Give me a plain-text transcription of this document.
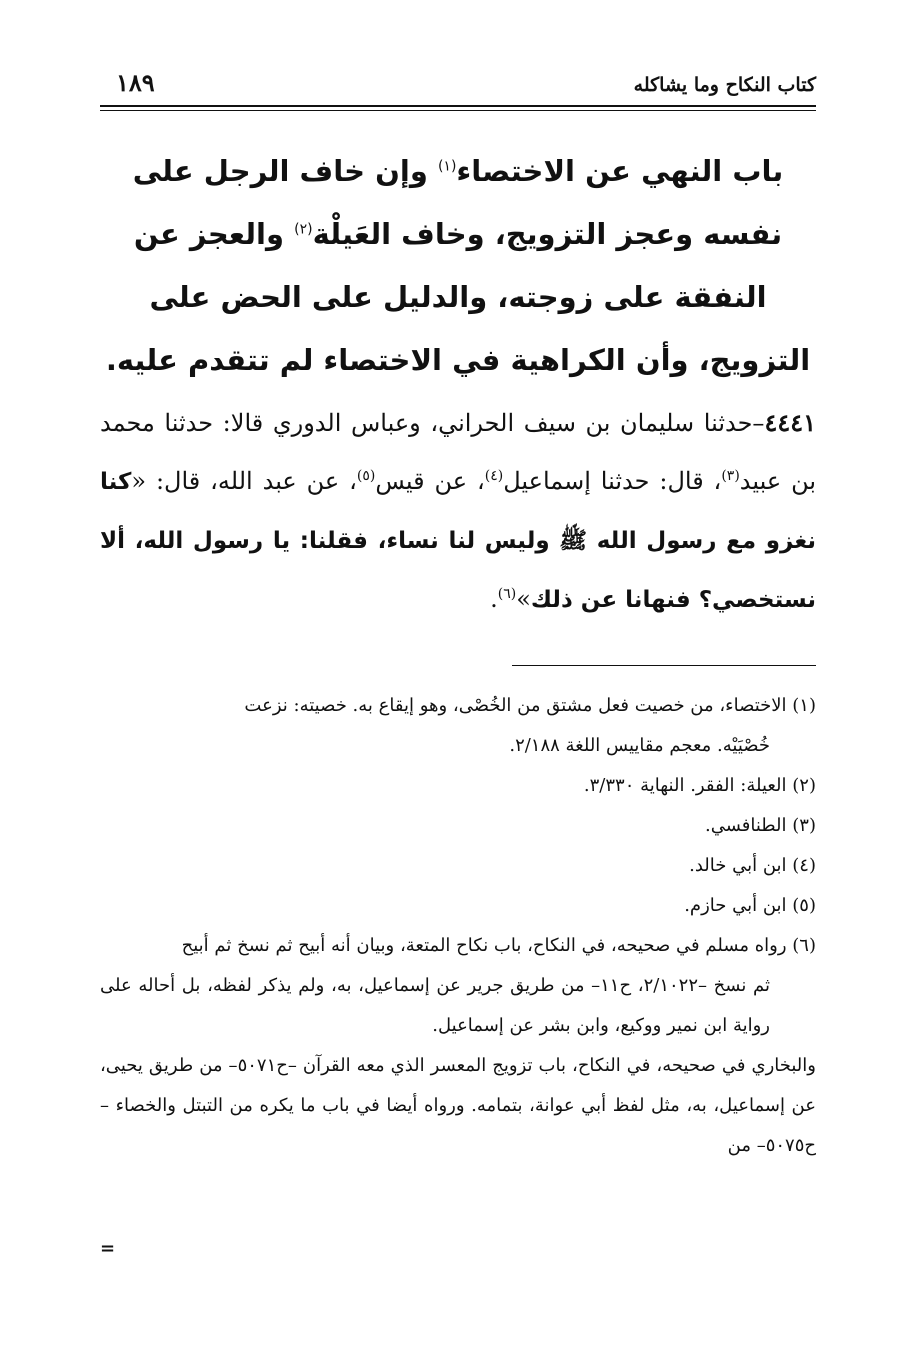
كتاب النكاح وما يشاكله
١٨٩
باب النهي عن الاختصاء$^{(١)}$ وإن خاف الرجل على نفسه وعجز التزويج، وخاف العَيلْة$^{(٢)}$ والعجز عن النفقة على زوجته، والدليل على الحض على التزويج، وأن الكراهية في الاختصاء لم تتقدم عليه.

٤٤٤١–حدثنا سليمان بن سيف الحراني، وعباس الدوري قالا: حدثنا محمد بن عبيد$^{(٣)}$، قال: حدثنا إسماعيل$^{(٤)}$، عن قيس$^{(٥)}$، عن عبد الله، قال: «كنا نغزو مع رسول الله ﷺ وليس لنا نساء، فقلنا: يا رسول الله، ألا نستخصي؟ فنهانا عن ذلك»$^{(٦)}$.

(١) الاختصاء، من خصيت فعل مشتق من الخُصْى، وهو إيقاع به. خصيته: نزعت

خُصْيَيْه. معجم مقاييس اللغة ٢/١٨٨.

(٢) العيلة: الفقر. النهاية ٣/٣٣٠.

(٣) الطنافسي.

(٤) ابن أبي خالد.

(٥) ابن أبي حازم.

(٦) رواه مسلم في صحيحه، في النكاح، باب نكاح المتعة، وبيان أنه أبيح ثم نسخ ثم أبيح

ثم نسخ –٢/١٠٢٢، ح١١– من طريق جرير عن إسماعيل، به، ولم يذكر لفظه، بل أحاله على رواية ابن نمير ووكيع، وابن بشر عن إسماعيل.

والبخاري في صحيحه، في النكاح، باب تزويج المعسر الذي معه القرآن –ح٥٠٧١– من طريق يحيى، عن إسماعيل، به، مثل لفظ أبي عوانة، بتمامه. ورواه أيضا في باب ما يكره من التبتل والخصاء –ح٥٠٧٥– من

=
